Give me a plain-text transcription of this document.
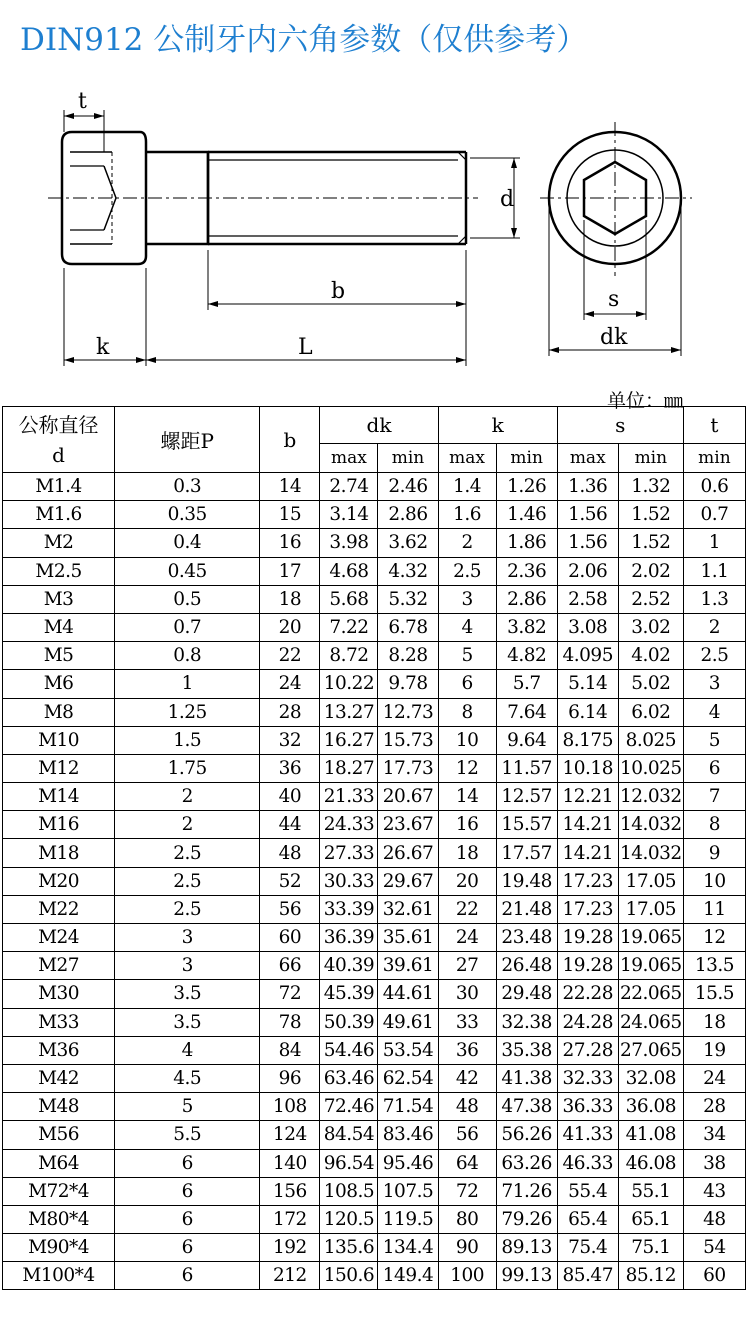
DIN912 公制牙内六角参数（仅供参考）
t
d
b
k	L
s
dk
单位：㎜
公称直径
d	螺距P	b	dk		k		s		t
			max	min	max	min	max	min	min
M1.4	0.3	14	2.74	2.46	1.4	1.26	1.36	1.32	0.6
M1.6	0.35	15	3.14	2.86	1.6	1.46	1.56	1.52	0.7
M2	0.4	16	3.98	3.62	2	1.86	1.56	1.52	1
M2.5	0.45	17	4.68	4.32	2.5	2.36	2.06	2.02	1.1
M3	0.5	18	5.68	5.32	3	2.86	2.58	2.52	1.3
M4	0.7	20	7.22	6.78	4	3.82	3.08	3.02	2
M5	0.8	22	8.72	8.28	5	4.82	4.095	4.02	2.5
M6	1	24	10.22	9.78	6	5.7	5.14	5.02	3
M8	1.25	28	13.27	12.73	8	7.64	6.14	6.02	4
M10	1.5	32	16.27	15.73	10	9.64	8.175	8.025	5
M12	1.75	36	18.27	17.73	12	11.57	10.18	10.025	6
M14	2	40	21.33	20.67	14	12.57	12.21	12.032	7
M16	2	44	24.33	23.67	16	15.57	14.21	14.032	8
M18	2.5	48	27.33	26.67	18	17.57	14.21	14.032	9
M20	2.5	52	30.33	29.67	20	19.48	17.23	17.05	10
M22	2.5	56	33.39	32.61	22	21.48	17.23	17.05	11
M24	3	60	36.39	35.61	24	23.48	19.28	19.065	12
M27	3	66	40.39	39.61	27	26.48	19.28	19.065	13.5
M30	3.5	72	45.39	44.61	30	29.48	22.28	22.065	15.5
M33	3.5	78	50.39	49.61	33	32.38	24.28	24.065	18
M36	4	84	54.46	53.54	36	35.38	27.28	27.065	19
M42	4.5	96	63.46	62.54	42	41.38	32.33	32.08	24
M48	5	108	72.46	71.54	48	47.38	36.33	36.08	28
M56	5.5	124	84.54	83.46	56	56.26	41.33	41.08	34
M64	6	140	96.54	95.46	64	63.26	46.33	46.08	38
M72*4	6	156	108.5	107.5	72	71.26	55.4	55.1	43
M80*4	6	172	120.5	119.5	80	79.26	65.4	65.1	48
M90*4	6	192	135.6	134.4	90	89.13	75.4	75.1	54
M100*4	6	212	150.6	149.4	100	99.13	85.47	85.12	60
